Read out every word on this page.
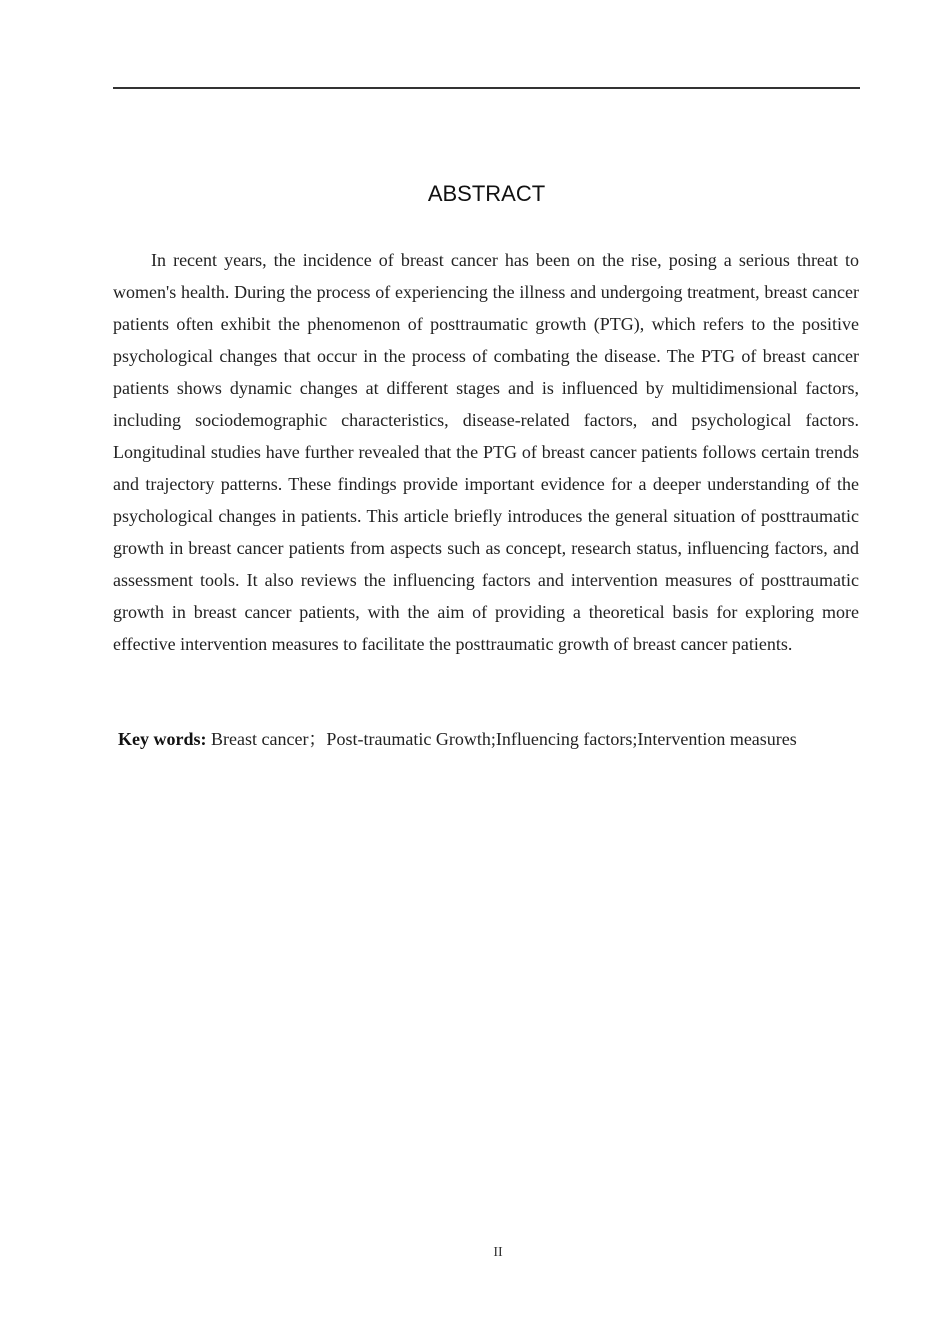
ABSTRACT

In recent years, the incidence of breast cancer has been on the rise, posing a serious threat to women's health. During the process of experiencing the illness and undergoing treatment, breast cancer patients often exhibit the phenomenon of posttraumatic growth (PTG), which refers to the positive psychological changes that occur in the process of combating the disease. The PTG of breast cancer patients shows dynamic changes at different stages and is influenced by multidimensional factors, including sociodemographic characteristics, disease-related factors, and psychological factors. Longitudinal studies have further revealed that the PTG of breast cancer patients follows certain trends and trajectory patterns. These findings provide important evidence for a deeper understanding of the psychological changes in patients. This article briefly introduces the general situation of posttraumatic growth in breast cancer patients from aspects such as concept, research status, influencing factors, and assessment tools. It also reviews the influencing factors and intervention measures of posttraumatic growth in breast cancer patients, with the aim of providing a theoretical basis for exploring more effective intervention measures to facilitate the posttraumatic growth of breast cancer patients.

Key words: Breast cancer；Post-traumatic Growth;Influencing factors;Intervention measures
II
